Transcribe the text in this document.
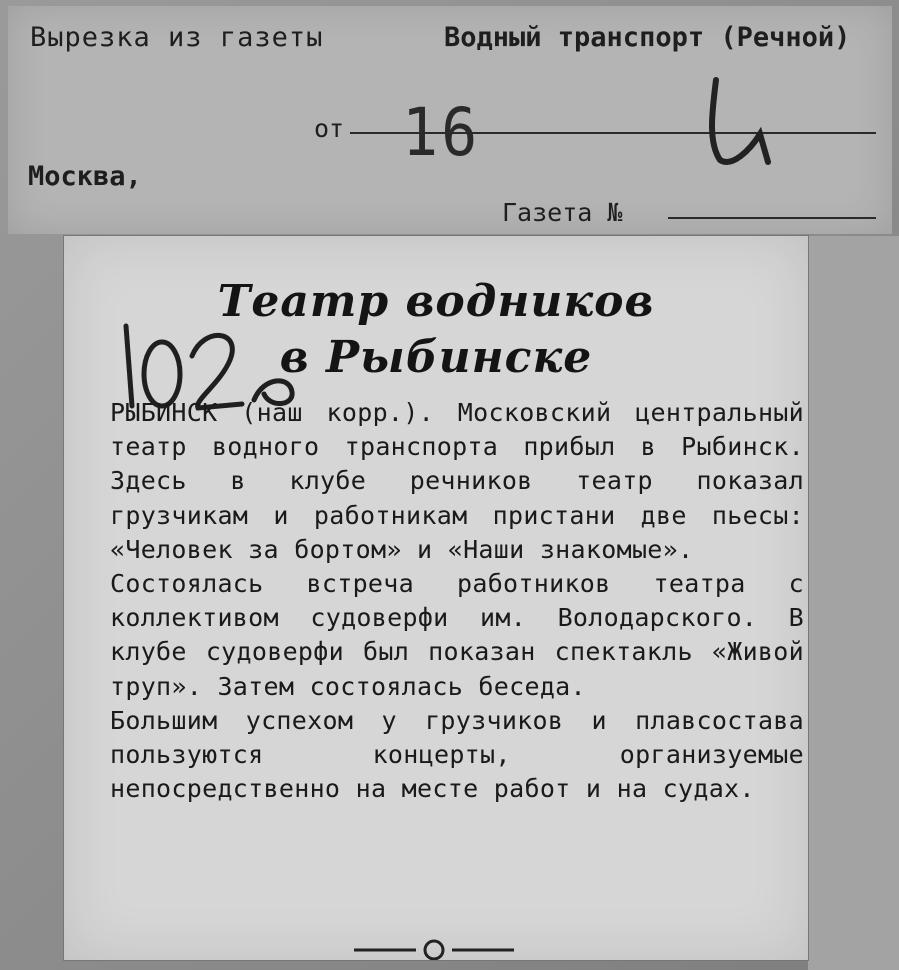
Вырезка из газеты	Водный транспорт (Речной)
от 16
Москва,
Газета №
Театр водников
в Рыбинске

РЫБИНСК (наш корр.). Московский центральный театр водного транспорта прибыл в Рыбинск. Здесь в клубе речников театр показал грузчикам и работникам пристани две пьесы: «Человек за бортом» и «Наши знакомые».

Состоялась встреча работников театра с коллективом судоверфи им. Володарского. В клубе судоверфи был показан спектакль «Живой труп». Затем состоялась беседа.

Большим успехом у грузчиков и плавсостава пользуются концерты, организуемые непосредственно на месте работ и на судах.
